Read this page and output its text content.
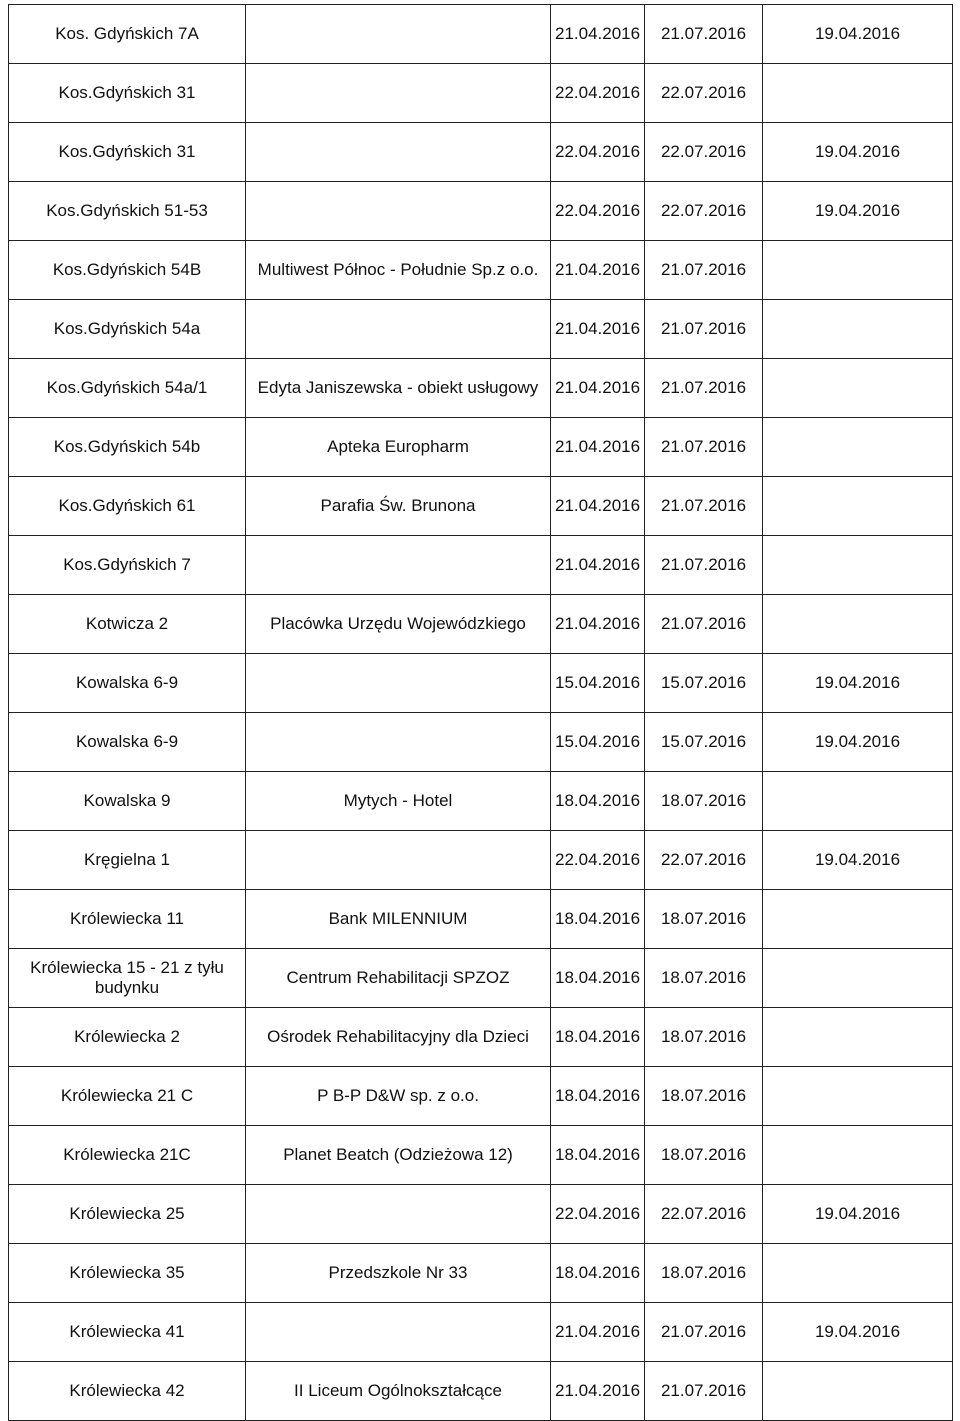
Kos. Gdyńskich 7A		21.04.2016	21.07.2016	19.04.2016
Kos.Gdyńskich 31		22.04.2016	22.07.2016	
Kos.Gdyńskich 31		22.04.2016	22.07.2016	19.04.2016
Kos.Gdyńskich 51-53		22.04.2016	22.07.2016	19.04.2016
Kos.Gdyńskich 54B	Multiwest Północ - Południe Sp.z o.o.	21.04.2016	21.07.2016	
Kos.Gdyńskich 54a		21.04.2016	21.07.2016	
Kos.Gdyńskich 54a/1	Edyta Janiszewska - obiekt usługowy	21.04.2016	21.07.2016	
Kos.Gdyńskich 54b	Apteka Europharm	21.04.2016	21.07.2016	
Kos.Gdyńskich 61	Parafia Św. Brunona	21.04.2016	21.07.2016	
Kos.Gdyńskich 7		21.04.2016	21.07.2016	
Kotwicza 2	Placówka Urzędu Wojewódzkiego	21.04.2016	21.07.2016	
Kowalska 6-9		15.04.2016	15.07.2016	19.04.2016
Kowalska 6-9		15.04.2016	15.07.2016	19.04.2016
Kowalska 9	Mytych - Hotel	18.04.2016	18.07.2016	
Kręgielna 1		22.04.2016	22.07.2016	19.04.2016
Królewiecka 11	Bank MILENNIUM	18.04.2016	18.07.2016	
Królewiecka 15 - 21 z tyłu budynku	Centrum Rehabilitacji SPZOZ	18.04.2016	18.07.2016	
Królewiecka 2	Ośrodek Rehabilitacyjny dla Dzieci	18.04.2016	18.07.2016	
Królewiecka 21 C	P B-P D&W sp. z o.o.	18.04.2016	18.07.2016	
Królewiecka 21C	Planet Beatch (Odzieżowa 12)	18.04.2016	18.07.2016	
Królewiecka 25		22.04.2016	22.07.2016	19.04.2016
Królewiecka 35	Przedszkole Nr 33	18.04.2016	18.07.2016	
Królewiecka 41		21.04.2016	21.07.2016	19.04.2016
Królewiecka 42	II Liceum Ogólnokształcące	21.04.2016	21.07.2016	
